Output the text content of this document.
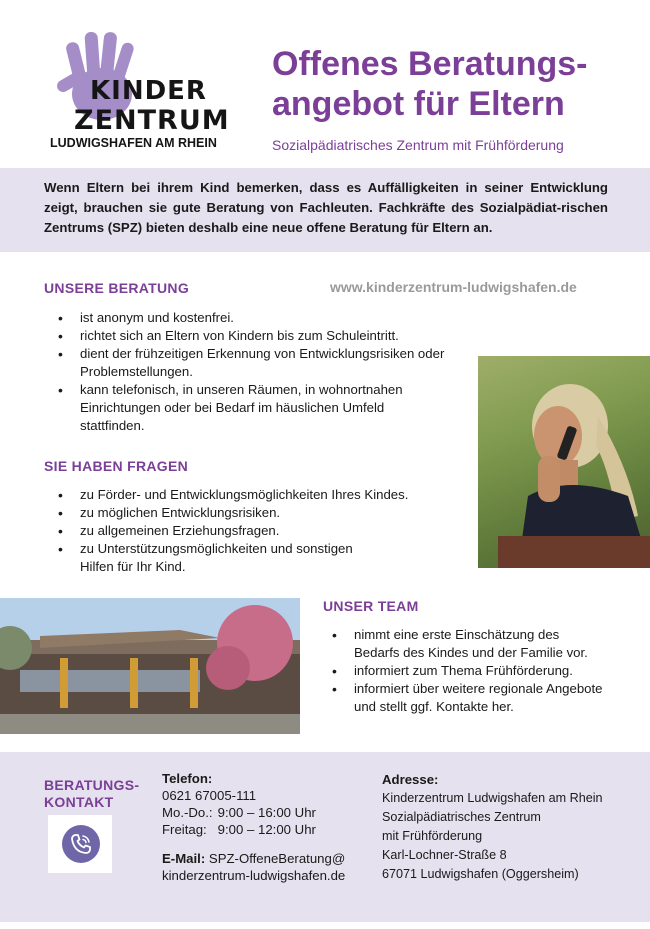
KINDER
ZENTRUM
LUDWIGSHAFEN AM RHEIN
Offenes Beratungs-
angebot für Eltern
Sozialpädiatrisches Zentrum mit Frühförderung
Wenn Eltern bei ihrem Kind bemerken, dass es Auffälligkeiten in seiner Entwicklung zeigt, brauchen sie gute Beratung von Fachleuten. Fachkräfte des Sozialpädiat-rischen Zentrums (SPZ) bieten deshalb eine neue offene Beratung für Eltern an.
UNSERE BERATUNG	www.kinderzentrum-ludwigshafen.de
• ist anonym und kostenfrei.
• richtet sich an Eltern von Kindern bis zum Schuleintritt.
• dient der frühzeitigen Erkennung von Entwicklungsrisiken oder Problemstellungen.
• kann telefonisch, in unseren Räumen, in wohnortnahen Einrichtungen oder bei Bedarf im häuslichen Umfeld stattfinden.
SIE HABEN FRAGEN
• zu Förder- und Entwicklungsmöglichkeiten Ihres Kindes.
• zu möglichen Entwicklungsrisiken.
• zu allgemeinen Erziehungsfragen.
• zu Unterstützungsmöglichkeiten und sonstigen Hilfen für Ihr Kind.
UNSER TEAM
• nimmt eine erste Einschätzung des Bedarfs des Kindes und der Familie vor.
• informiert zum Thema Frühförderung.
• informiert über weitere regionale Angebote und stellt ggf. Kontakte her.
BERATUNGS-
KONTAKT
Telefon:
0621 67005-111
Mo.-Do.: 9:00 – 16:00 Uhr
Freitag: 9:00 – 12:00 Uhr
E-Mail: SPZ-OffeneBeratung@
kinderzentrum-ludwigshafen.de
Adresse:
Kinderzentrum Ludwigshafen am Rhein
Sozialpädiatrisches Zentrum
mit Frühförderung
Karl-Lochner-Straße 8
67071 Ludwigshafen (Oggersheim)
